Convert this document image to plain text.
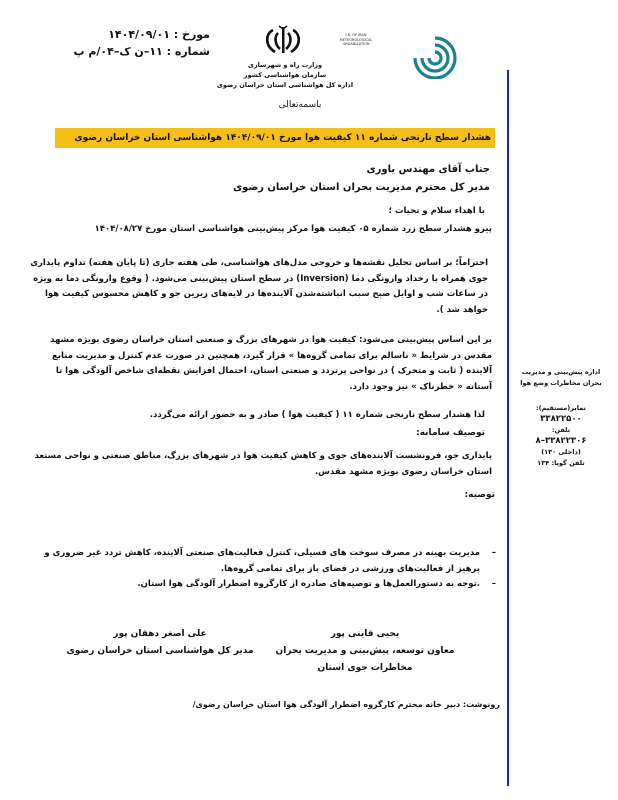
مورخ : ۱۴۰۴/۰۹/۰۱
شماره : ۱۱–ن ک–۰۴/م پ
وزارت راه و شهرسازی
سازمان هواشناسی کشور
اداره کل هواشناسی استان خراسان رضوی
I.R. OF IRAN METEOROLOGICAL ORGANIZATION
باسمه‌تعالی
هشدار سطح نارنجی شماره ۱۱ کیفیت هوا مورخ ۱۴۰۴/۰۹/۰۱ هواشناسی استان خراسان رضوی
جناب آقای مهندس یاوری
مدیر کل محترم مدیریت بحران استان خراسان رضوی
با اهداء سلام و تحیات ؛
پیرو هشدار سطح زرد شماره ۰۵ کیفیت هوا مرکز پیش‌بینی هواشناسی استان مورخ ۱۴۰۴/۰۸/۲۷
احتراماً؛ بر اساس تحلیل نقشه‌ها و خروجی مدل‌های هواشناسی، طی هفته جاری (تا پایان هفته) تداوم پایداری جوی همراه با رخداد وارونگی دما (Inversion) در سطح استان پیش‌بینی می‌شود. ( وقوع وارونگی دما به ویژه در ساعات شب و اوایل صبح سبب انباشته‌شدن آلاینده‌ها در لایه‌های زیرین جو و کاهش محسوس کیفیت هوا خواهد شد ).
بر این اساس پیش‌بینی می‌شود: کیفیت هوا در شهرهای بزرگ و صنعتی استان خراسان رضوی بویژه مشهد مقدس در شرایط « ناسالم برای تمامی گروه‌ها » قرار گیرد، همچنین در صورت عدم کنترل و مدیریت منابع آلاینده ( ثابت و متحرک ) در نواحی پرتردد و صنعتی استان، احتمال افزایش نقطه‌ای شاخص آلودگی هوا تا آستانه « خطرناک » نیز وجود دارد.
لذا هشدار سطح نارنجی شماره ۱۱ ( کیفیت هوا ) صادر و به حضور ارائه می‌گردد.
توصیف سامانه:
پایداری جو، فرونشست آلاینده‌های جوی و کاهش کیفیت هوا در شهرهای بزرگ، مناطق صنعتی و نواحی مستعد استان خراسان رضوی بویژه مشهد مقدس.
توصیه:
–
مدیریت بهینه در مصرف سوخت های فسیلی، کنترل فعالیت‌های صنعتی آلاینده، کاهش تردد غیر ضروری و پرهیز از فعالیت‌های ورزشی در فضای باز برای تمامی گروه‌ها.
–
.توجه به دستورالعمل‌ها و توصیه‌های صادره از کارگروه اضطرار آلودگی هوا استان.
یحیی قاینی پور
معاون توسعه، پیش‌بینی و مدیریت بحران
مخاطرات جوی استان
علی اصغر دهقان پور
مدیر کل هواشناسی استان خراسان رضوی
رونوشت: دبیر خانه محترم کارگروه اضطرار آلودگی هوا استان خراسان رضوی/
اداره پیش‌بینی و مدیریت بحران مخاطرات وضع هوا
نمابر(مستقیم):
۳۳۸۲۲۵۰۰
تلفن:
۳۳۸۲۲۳۰۶–۸
(داخلی ۱۳۰)
تلفن گویا: ۱۳۴
